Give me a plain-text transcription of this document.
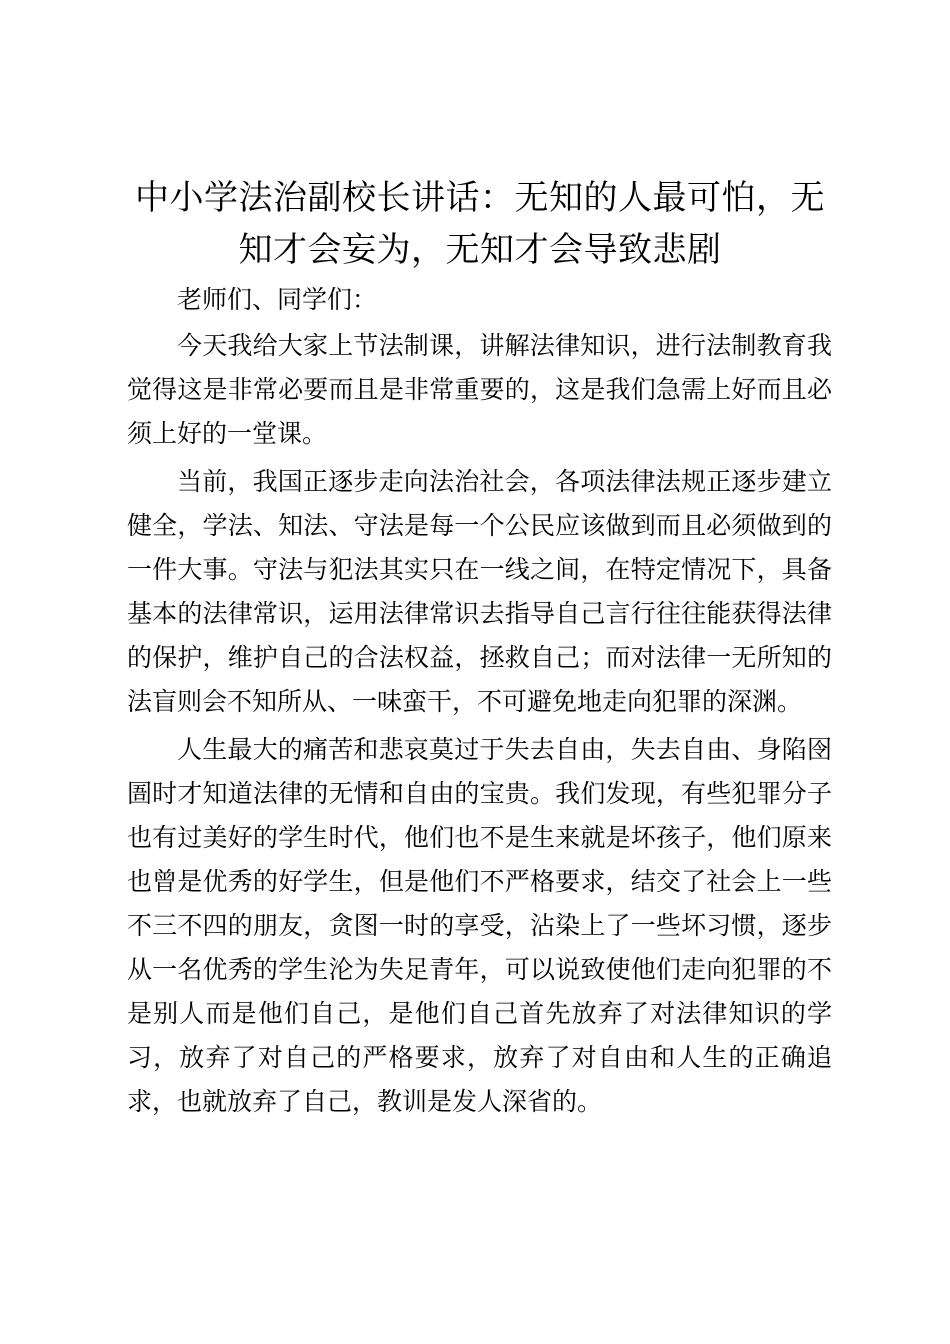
中小学法治副校长讲话：无知的人最可怕，无知才会妄为，无知才会导致悲剧

老师们、同学们：

今天我给大家上节法制课，讲解法律知识，进行法制教育我觉得这是非常必要而且是非常重要的，这是我们急需上好而且必须上好的一堂课。

当前，我国正逐步走向法治社会，各项法律法规正逐步建立健全，学法、知法、守法是每一个公民应该做到而且必须做到的一件大事。守法与犯法其实只在一线之间，在特定情况下，具备基本的法律常识，运用法律常识去指导自己言行往往能获得法律的保护，维护自己的合法权益，拯救自己；而对法律一无所知的法盲则会不知所从、一味蛮干，不可避免地走向犯罪的深渊。

人生最大的痛苦和悲哀莫过于失去自由，失去自由、身陷囹圄时才知道法律的无情和自由的宝贵。我们发现，有些犯罪分子也有过美好的学生时代，他们也不是生来就是坏孩子，他们原来也曾是优秀的好学生，但是他们不严格要求，结交了社会上一些不三不四的朋友，贪图一时的享受，沾染上了一些坏习惯，逐步从一名优秀的学生沦为失足青年，可以说致使他们走向犯罪的不是别人而是他们自己，是他们自己首先放弃了对法律知识的学习，放弃了对自己的严格要求，放弃了对自由和人生的正确追求，也就放弃了自己，教训是发人深省的。
